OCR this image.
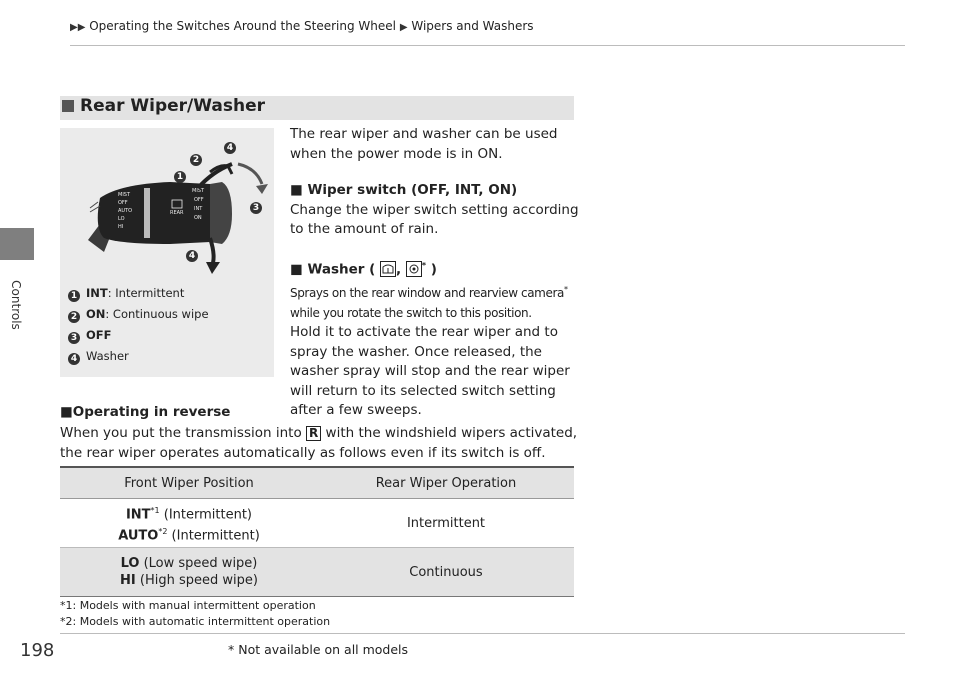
Controls
198
▶▶ Operating the Switches Around the Steering Wheel ▶ Wipers and Washers
Rear Wiper/Washer
MIST
OFF
AUTO
LO
HI
MIST
OFF
INT
ON
REAR
1
2
3
4
4
1 INT: Intermittent
2 ON: Continuous wipe
3 OFF
4 Washer
The rear wiper and washer can be used when the power mode is in ON.
■ Wiper switch (OFF, INT, ON)
Change the wiper switch setting according to the amount of rain.
■ Washer ( ,	* )
Sprays on the rear window and rearview camera*
while you rotate the switch to this position.
Hold it to activate the rear wiper and to spray the washer. Once released, the washer spray will stop and the rear wiper will return to its selected switch setting after a few sweeps.
■Operating in reverse
When you put the transmission into R with the windshield wipers activated, the rear wiper operates automatically as follows even if its switch is off.
Front Wiper Position	Rear Wiper Operation

INT$^{*1}$ (Intermittent)
AUTO$^{*2}$ (Intermittent)	Intermittent

LO (Low speed wipe)
HI (High speed wipe)	Continuous
*1: Models with manual intermittent operation
*2: Models with automatic intermittent operation
* Not available on all models
